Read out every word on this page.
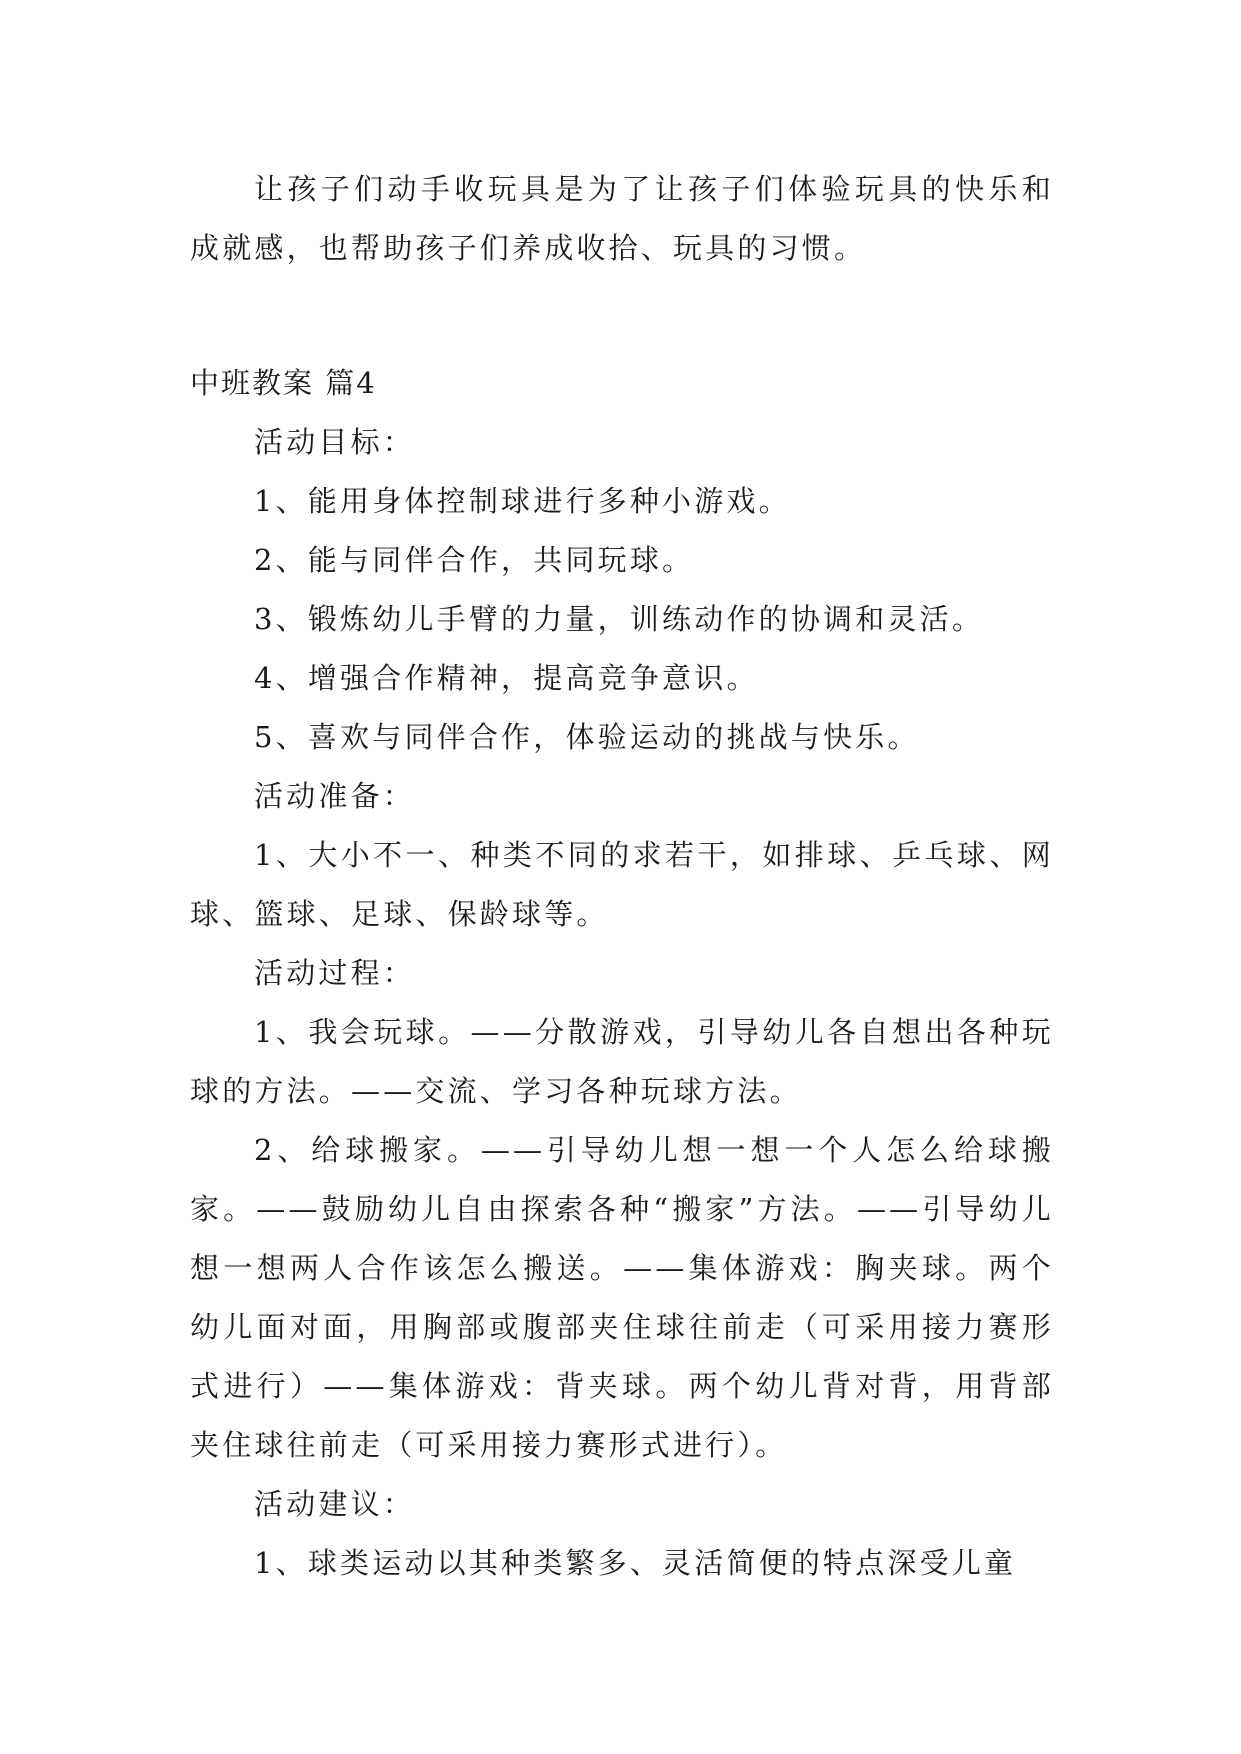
让孩子们动手收玩具是为了让孩子们体验玩具的快乐和成就感，也帮助孩子们养成收拾、玩具的习惯。

中班教案 篇4

活动目标：

1、能用身体控制球进行多种小游戏。

2、能与同伴合作，共同玩球。

3、锻炼幼儿手臂的力量，训练动作的协调和灵活。

4、增强合作精神，提高竞争意识。

5、喜欢与同伴合作，体验运动的挑战与快乐。

活动准备：

1、大小不一、种类不同的求若干，如排球、乒乓球、网球、篮球、足球、保龄球等。

活动过程：

1、我会玩球。——分散游戏，引导幼儿各自想出各种玩球的方法。——交流、学习各种玩球方法。

2、给球搬家。——引导幼儿想一想一个人怎么给球搬家。——鼓励幼儿自由探索各种“搬家”方法。——引导幼儿想一想两人合作该怎么搬送。——集体游戏：胸夹球。两个幼儿面对面，用胸部或腹部夹住球往前走（可采用接力赛形式进行）——集体游戏：背夹球。两个幼儿背对背，用背部夹住球往前走（可采用接力赛形式进行）。

活动建议：

1、球类运动以其种类繁多、灵活简便的特点深受儿童
